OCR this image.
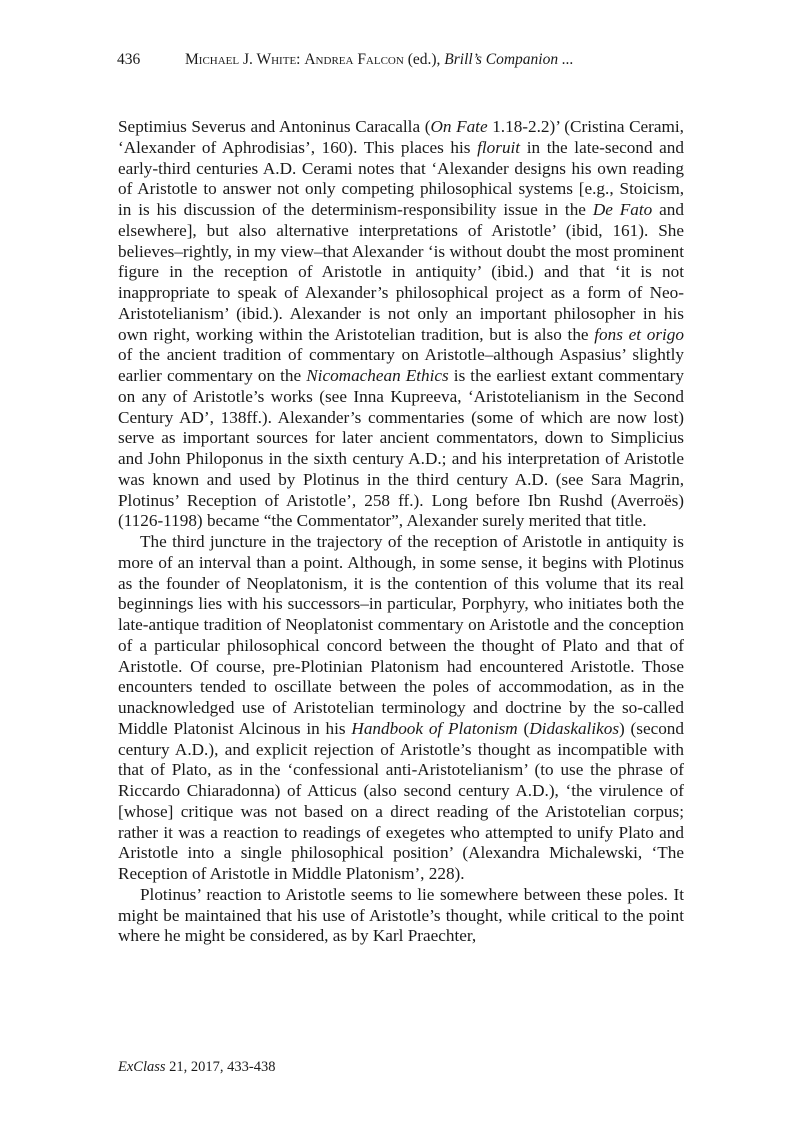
436	Michael J. White: Andrea Falcon (ed.), Brill’s Companion ...

Septimius Severus and Antoninus Caracalla (On Fate 1.18-2.2)’ (Cristina Cerami, ‘Alexander of Aphrodisias’, 160). This places his floruit in the late-second and early-third centuries A.D. Cerami notes that ‘Alexander designs his own reading of Aristotle to answer not only competing philosophical systems [e.g., Stoicism, in is his discussion of the determinism-responsibility issue in the De Fato and elsewhere], but also alternative interpretations of Aristotle’ (ibid, 161). She believes–rightly, in my view–that Alexander ‘is without doubt the most prominent figure in the reception of Aristotle in antiquity’ (ibid.) and that ‘it is not inappropriate to speak of Alexander’s philosophical project as a form of Neo-Aristotelianism’ (ibid.). Alexander is not only an important philosopher in his own right, working within the Aristotelian tradition, but is also the fons et origo of the ancient tradition of commentary on Aristotle–although Aspasius’ slightly earlier commentary on the Nicomachean Ethics is the earliest extant commentary on any of Aristotle’s works (see Inna Kupreeva, ‘Aristotelianism in the Second Century AD’, 138ff.). Alexander’s commentaries (some of which are now lost) serve as important sources for later ancient commentators, down to Simplicius and John Philoponus in the sixth century A.D.; and his interpretation of Aristotle was known and used by Plotinus in the third century A.D. (see Sara Magrin, Plotinus’ Reception of Aristotle’, 258 ff.). Long before Ibn Rushd (Averroës) (1126-1198) became “the Commentator”, Alexander surely merited that title.

The third juncture in the trajectory of the reception of Aristotle in antiquity is more of an interval than a point. Although, in some sense, it begins with Plotinus as the founder of Neoplatonism, it is the contention of this volume that its real beginnings lies with his successors–in particular, Porphyry, who initiates both the late-antique tradition of Neoplatonist commentary on Aristotle and the conception of a particular philosophical concord between the thought of Plato and that of Aristotle. Of course, pre-Plotinian Platonism had encountered Aristotle. Those encounters tended to oscillate between the poles of accommodation, as in the unacknowledged use of Aristotelian terminology and doctrine by the so-called Middle Platonist Alcinous in his Handbook of Platonism (Didaskalikos) (second century A.D.), and explicit rejection of Aristotle’s thought as incompatible with that of Plato, as in the ‘confessional anti-Aristotelianism’ (to use the phrase of Riccardo Chiaradonna) of Atticus (also second century A.D.), ‘the virulence of [whose] critique was not based on a direct reading of the Aristotelian corpus; rather it was a reaction to readings of exegetes who attempted to unify Plato and Aristotle into a single philosophical position’ (Alexandra Michalewski, ‘The Reception of Aristotle in Middle Platonism’, 228).

Plotinus’ reaction to Aristotle seems to lie somewhere between these poles. It might be maintained that his use of Aristotle’s thought, while critical to the point where he might be considered, as by Karl Praechter,

ExClass 21, 2017, 433-438
